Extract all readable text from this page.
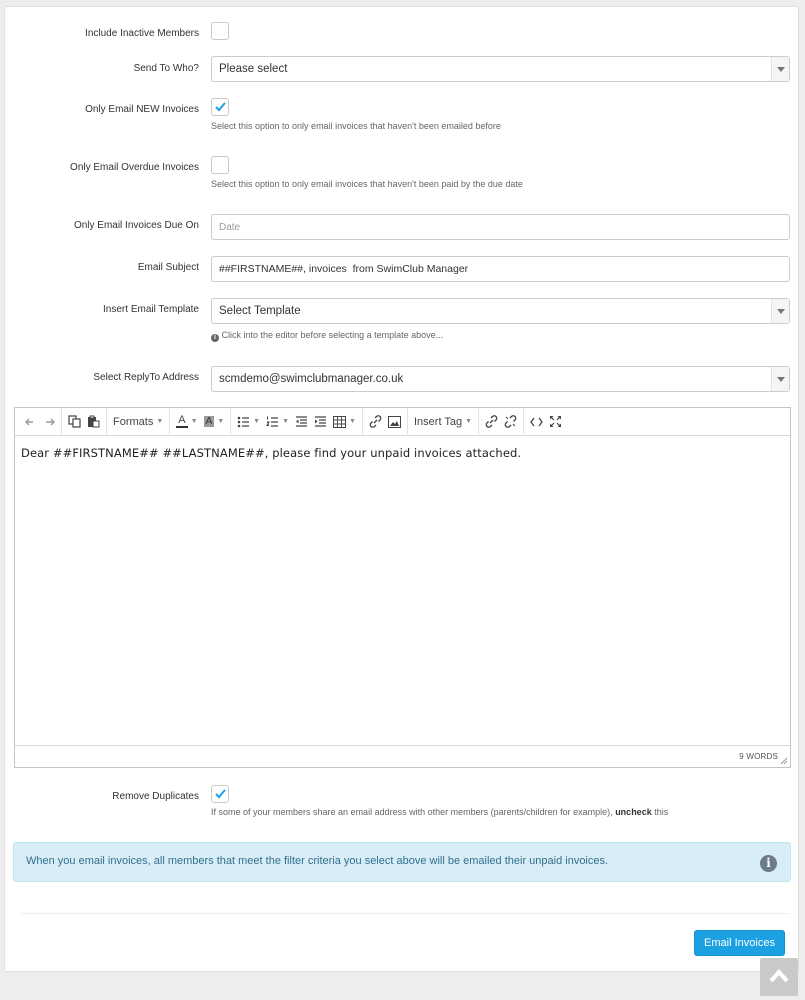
Include Inactive Members
Send To Who? Please select
Only Email NEW Invoices
Select this option to only email invoices that haven't been emailed before
Only Email Overdue Invoices
Select this option to only email invoices that haven't been paid by the due date
Only Email Invoices Due On
Date
Email Subject
##FIRSTNAME##, invoices from SwimClub Manager
Insert Email Template Select Template
i Click into the editor before selecting a template above...
Select ReplyTo Address scmdemo@swimclubmanager.co.uk
Formats ▼ A ▼ A ▼	▼	▼	▼	Insert Tag ▼
Dear ##FIRSTNAME## ##LASTNAME##, please find your unpaid invoices attached.
9 WORDS
Remove Duplicates
If some of your members share an email address with other members (parents/children for example), uncheck this
When you email invoices, all members that meet the filter criteria you select above will be emailed their unpaid invoices.	i
Email Invoices
